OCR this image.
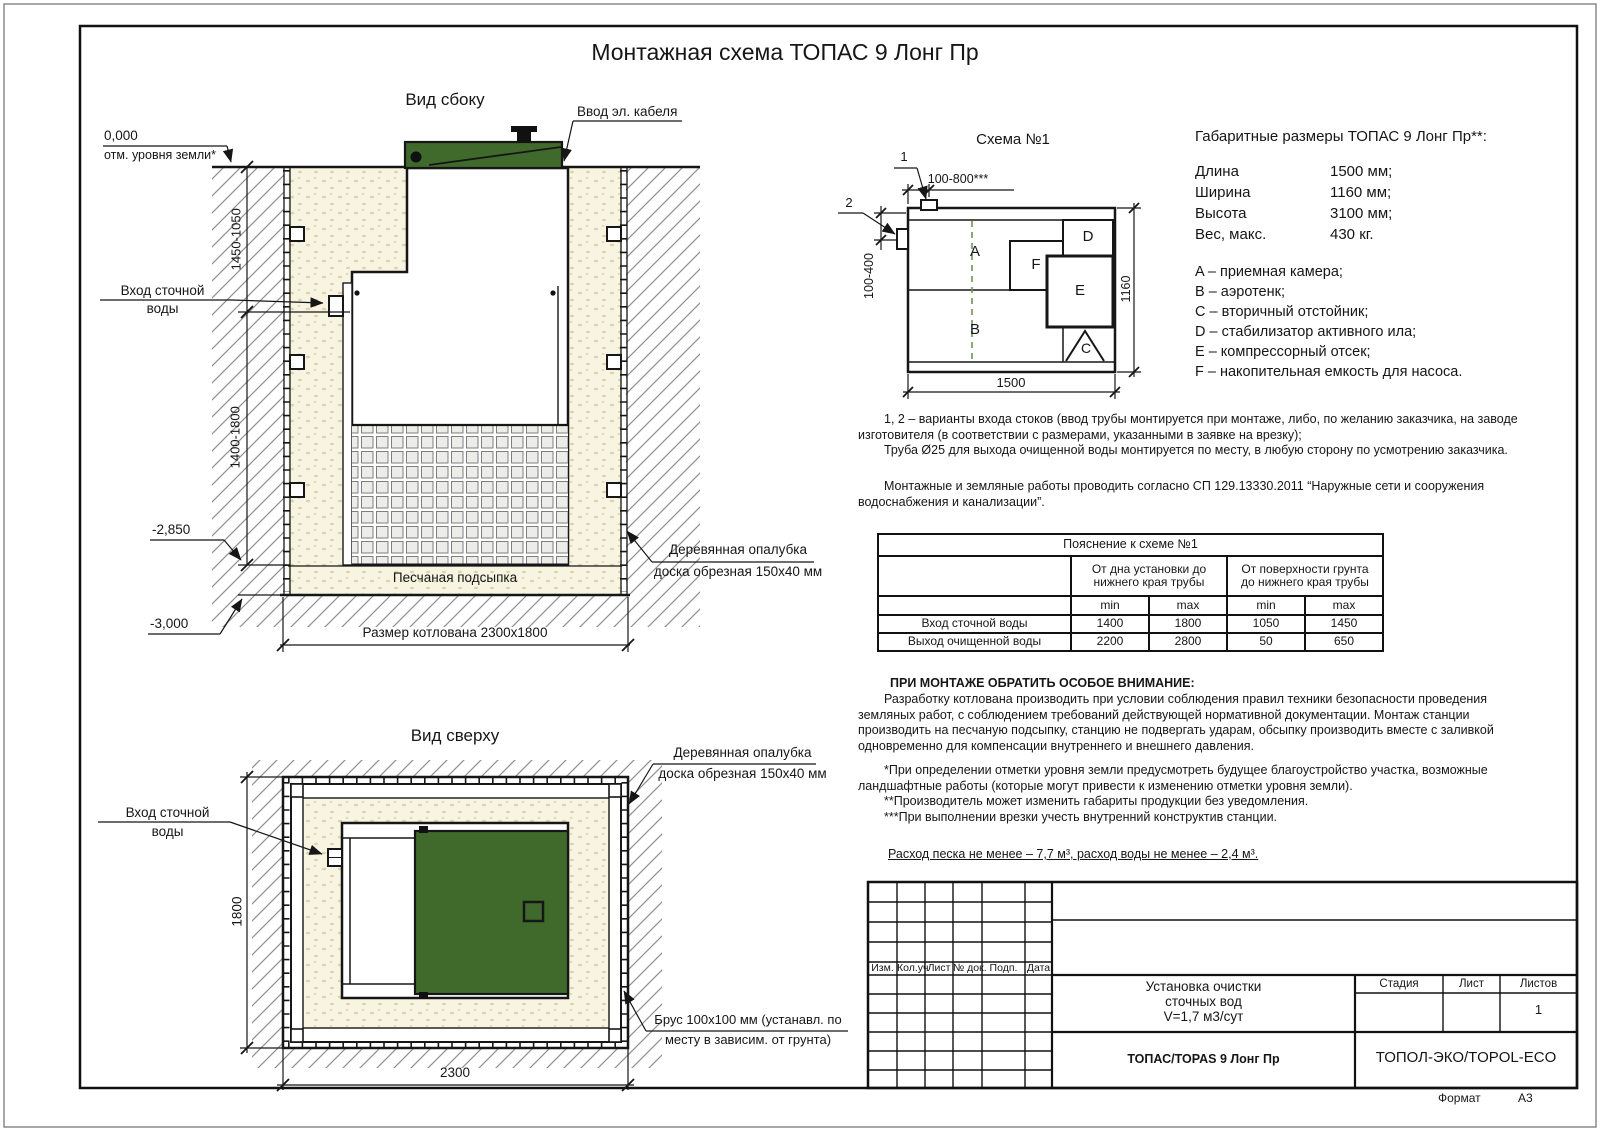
Монтажная схема ТОПАС 9 Лонг Пр
Вид сбоку
0,000
отм. уровня земли*
1450-1050
1400-1800
Вход сточной
воды
-2,850
-3,000
Песчаная подсыпка
Размер котлована 2300х1800
Ввод эл. кабеля
Деревянная опалубка
доска обрезная 150х40 мм
Вид сверху
Вход сточной
воды
1800
2300
Деревянная опалубка
доска обрезная 150х40 мм
Брус 100х100 мм (устанавл. по
месту в зависим. от грунта)
Схема №1
1
2
A
B
C
D
E
F
100-800***
100-400	1160
1500
Габаритные размеры ТОПАС 9 Лонг Пр**:
Длина	1500 мм;
Ширина	1160 мм;
Высота	3100 мм;
Вес, макс.	430 кг.
A – приемная камера;
B – аэротенк;
C – вторичный отстойник;
D – стабилизатор активного ила;
E – компрессорный отсек;
F – накопительная емкость для насоса.

1, 2 – варианты входа стоков (ввод трубы монтируется при монтаже, либо, по желанию заказчика, на заводе изготовителя (в соответствии с размерами, указанными в заявке на врезку);

Труба Ø25 для выхода очищенной воды монтируется по месту, в любую сторону по усмотрению заказчика.

Монтажные и земляные работы проводить согласно СП 129.13330.2011 “Наружные сети и сооружения водоснабжения и канализации”.

Пояснение к схеме №1				
	От дна установки до
нижнего края трубы		От поверхности грунта
до нижнего края трубы	
	min	max	min	max
Вход сточной воды	1400	1800	1050	1450
Выход очищенной воды	2200	2800	50	650
ПРИ МОНТАЖЕ ОБРАТИТЬ ОСОБОЕ ВНИМАНИЕ:

Разработку котлована производить при условии соблюдения правил техники безопасности проведения земляных работ, с соблюдением требований действующей нормативной документации. Монтаж станции производить на песчаную подсыпку, станцию не подвергать ударам, обсыпку производить вместе с заливкой одновременно для компенсации внутреннего и внешнего давления.

*При определении отметки уровня земли предусмотреть будущее благоустройство участка, возможные ландшафтные работы (которые могут привести к изменению отметки уровня земли).

**Производитель может изменить габариты продукции без уведомления.

***При выполнении врезки учесть внутренний конструктив станции.

Расход песка не менее – 7,7 м³, расход воды не менее – 2,4 м³.
Изм. Кол.уч Лист № док. Подп. Дата
Стадия	Лист	Листов
1
Установка очистки
сточных вод
V=1,7 м3/сут
ТОПАС/TOPAS 9 Лонг Пр	ТОПОЛ-ЭКО/TOPOL-ECO
Формат	А3
